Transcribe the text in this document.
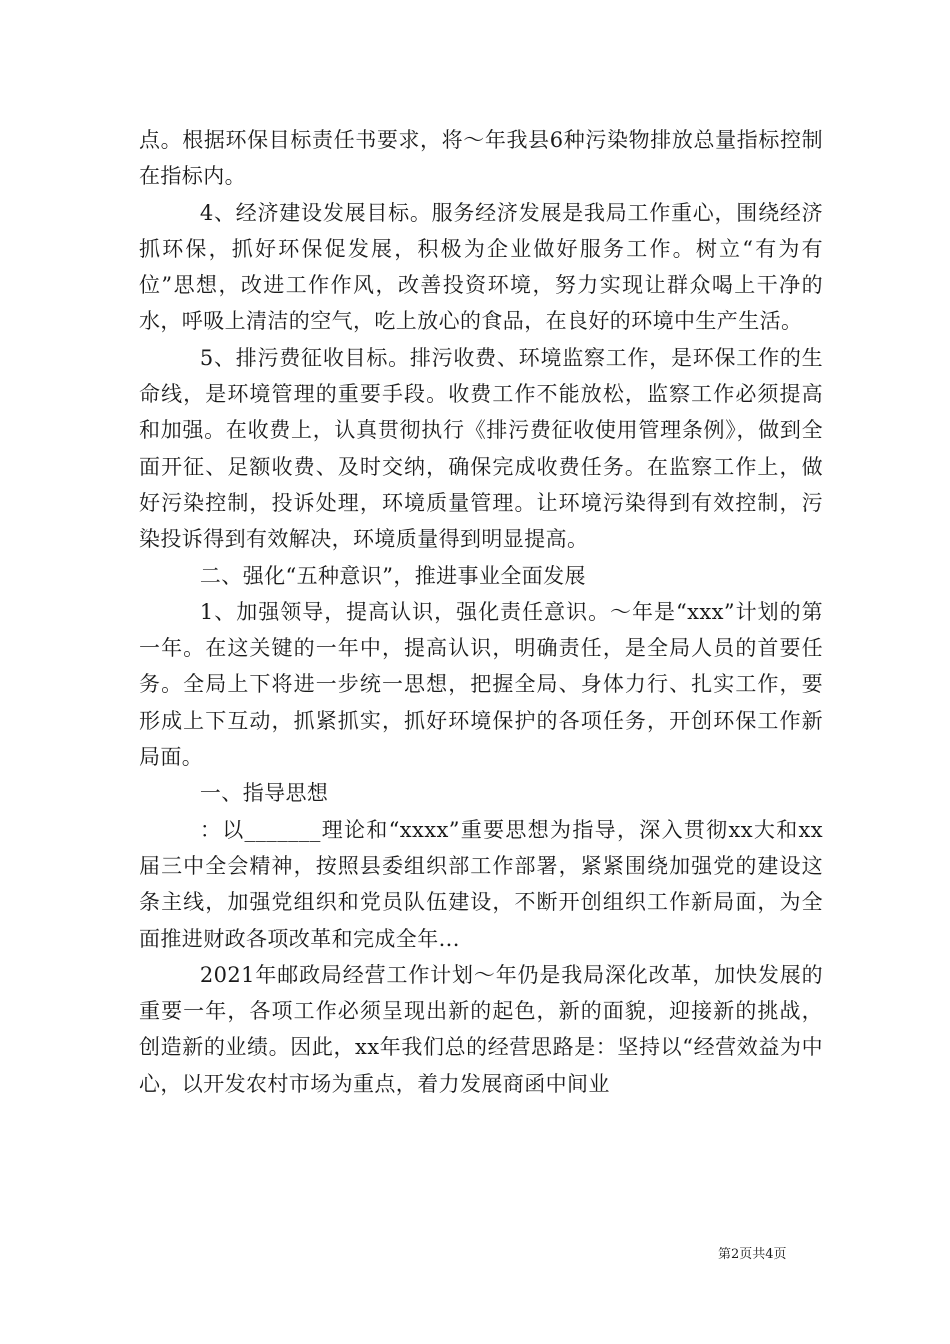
点。根据环保目标责任书要求，将～年我县6种污染物排放总量指标控制在指标内。

4、经济建设发展目标。服务经济发展是我局工作重心，围绕经济抓环保，抓好环保促发展，积极为企业做好服务工作。树立“有为有位”思想，改进工作作风，改善投资环境，努力实现让群众喝上干净的水，呼吸上清洁的空气，吃上放心的食品，在良好的环境中生产生活。

5、排污费征收目标。排污收费、环境监察工作，是环保工作的生命线，是环境管理的重要手段。收费工作不能放松，监察工作必须提高和加强。在收费上，认真贯彻执行《排污费征收使用管理条例》，做到全面开征、足额收费、及时交纳，确保完成收费任务。在监察工作上，做好污染控制，投诉处理，环境质量管理。让环境污染得到有效控制，污染投诉得到有效解决，环境质量得到明显提高。

二、强化“五种意识”，推进事业全面发展

1、加强领导，提高认识，强化责任意识。～年是“xxx”计划的第一年。在这关键的一年中，提高认识，明确责任，是全局人员的首要任务。全局上下将进一步统一思想，把握全局、身体力行、扎实工作，要形成上下互动，抓紧抓实，抓好环境保护的各项任务，开创环保工作新局面。

一、指导思想

：以_______理论和“xxxx”重要思想为指导，深入贯彻xx大和xx届三中全会精神，按照县委组织部工作部署，紧紧围绕加强党的建设这条主线，加强党组织和党员队伍建设，不断开创组织工作新局面，为全面推进财政各项改革和完成全年...

2021年邮政局经营工作计划～年仍是我局深化改革，加快发展的重要一年，各项工作必须呈现出新的起色，新的面貌，迎接新的挑战，创造新的业绩。因此，xx年我们总的经营思路是：坚持以“经营效益为中心，以开发农村市场为重点，着力发展商函中间业

第2页共4页
